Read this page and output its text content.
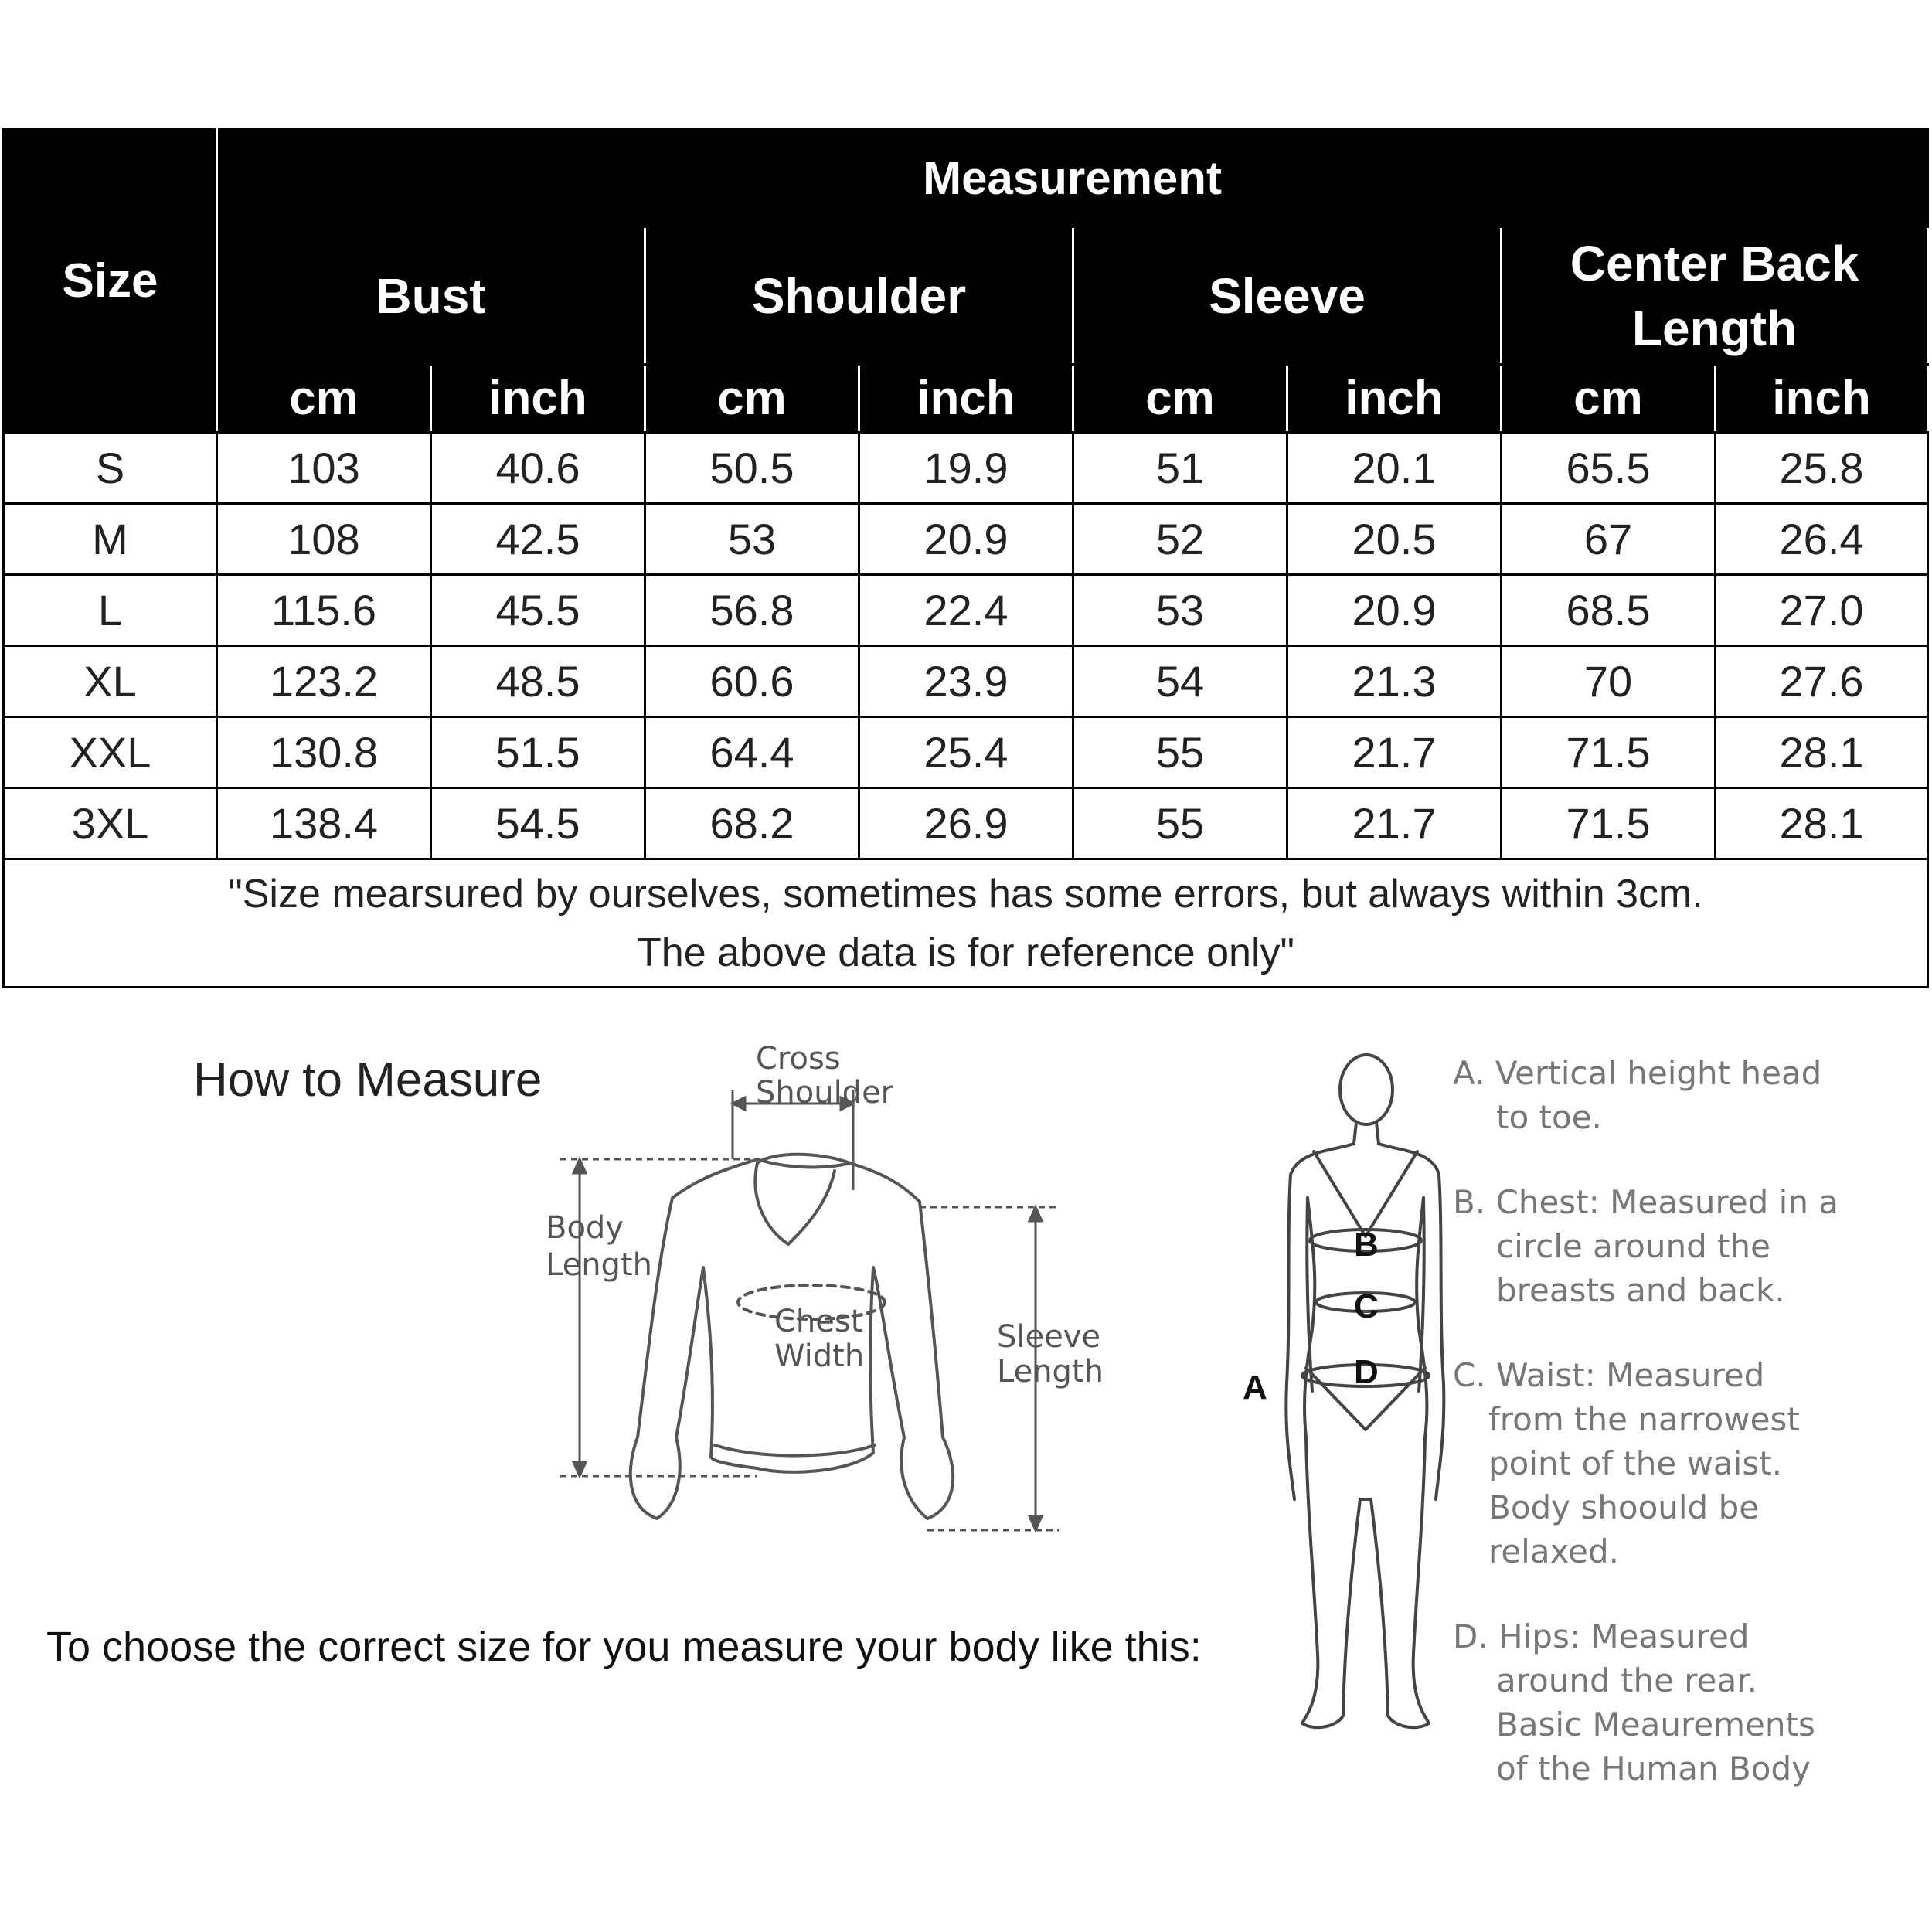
Size	Measurement							
	Bust		Shoulder		Sleeve		Center Back
Length	
	cm	inch	cm	inch	cm	inch	cm	inch
S	103	40.6	50.5	19.9	51	20.1	65.5	25.8
M	108	42.5	53	20.9	52	20.5	67	26.4
L	115.6	45.5	56.8	22.4	53	20.9	68.5	27.0
XL	123.2	48.5	60.6	23.9	54	21.3	70	27.6
XXL	130.8	51.5	64.4	25.4	55	21.7	71.5	28.1
3XL	138.4	54.5	68.2	26.9	55	21.7	71.5	28.1

"Size mearsured by ourselves, sometimes has some errors, but always within 3cm.
The above data is for reference only"								
How to Measure	Cross
Shoulder
Body
Length
Chest
Width
Sleeve
Length
To choose the correct size for you measure your body like this:
B
C
D
A
A. Vertical height head
to toe.
B. Chest: Measured in a
circle around the
breasts and back.
C. Waist: Measured
from the narrowest
point of the waist.
Body shoould be
relaxed.
D. Hips: Measured
around the rear.
Basic Meaurements
of the Human Body
